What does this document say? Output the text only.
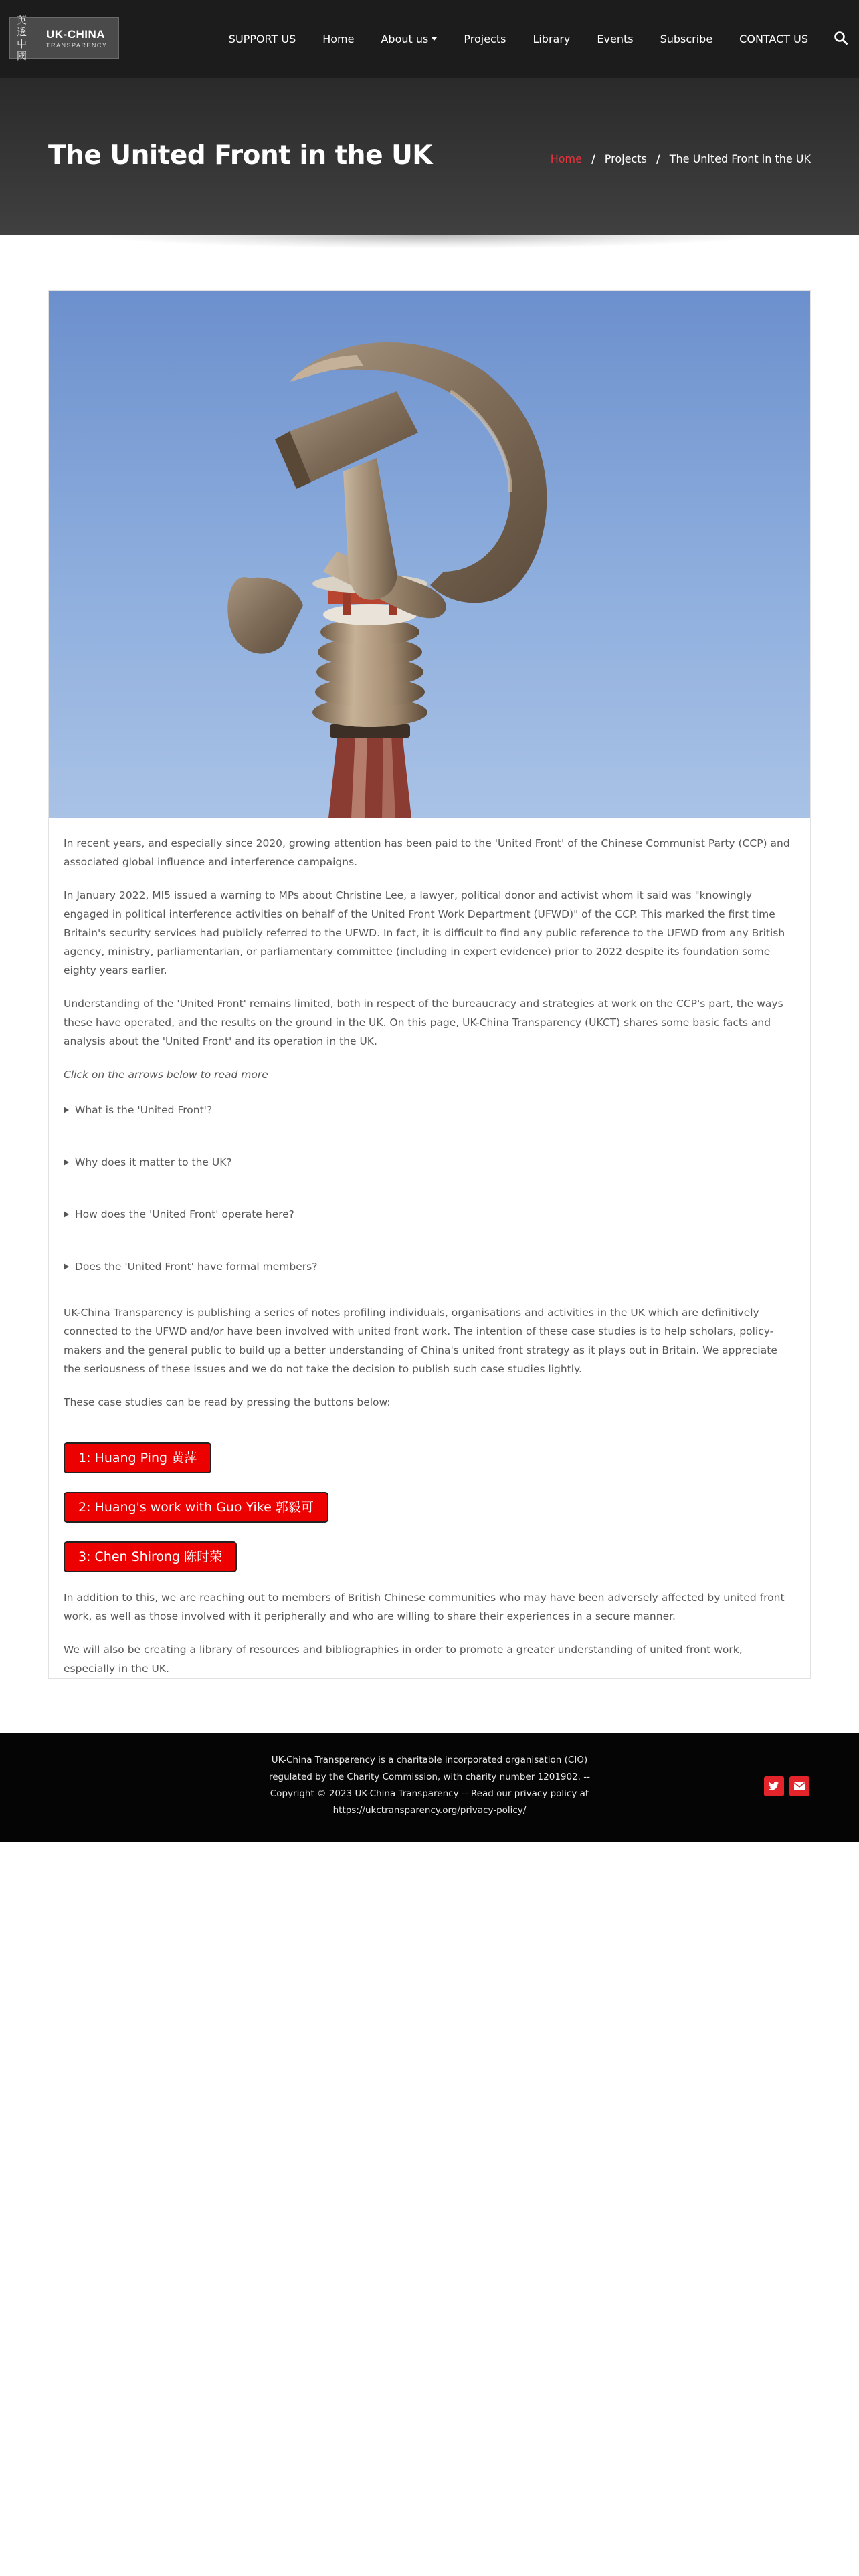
英 透
中 國
UK-CHINA
TRANSPARENCY	SUPPORT US	Home	About us	Projects	Library	Events	Subscribe	CONTACT US
The United Front in the UK	Home / Projects / The United Front in the UK

In recent years, and especially since 2020, growing attention has been paid to the 'United Front' of the Chinese Communist Party (CCP) and associated global influence and interference campaigns.

In January 2022, MI5 issued a warning to MPs about Christine Lee, a lawyer, political donor and activist whom it said was "knowingly engaged in political interference activities on behalf of the United Front Work Department (UFWD)" of the CCP. This marked the first time Britain's security services had publicly referred to the UFWD. In fact, it is difficult to find any public reference to the UFWD from any British agency, ministry, parliamentarian, or parliamentary committee (including in expert evidence) prior to 2022 despite its foundation some eighty years earlier.

Understanding of the 'United Front' remains limited, both in respect of the bureaucracy and strategies at work on the CCP's part, the ways these have operated, and the results on the ground in the UK. On this page, UK-China Transparency (UKCT) shares some basic facts and analysis about the 'United Front' and its operation in the UK.

Click on the arrows below to read more

What is the 'United Front'?
Why does it matter to the UK?
How does the 'United Front' operate here?
Does the 'United Front' have formal members?

UK-China Transparency is publishing a series of notes profiling individuals, organisations and activities in the UK which are definitively connected to the UFWD and/or have been involved with united front work. The intention of these case studies is to help scholars, policy-makers and the general public to build up a better understanding of China's united front strategy as it plays out in Britain. We appreciate the seriousness of these issues and we do not take the decision to publish such case studies lightly.

These case studies can be read by pressing the buttons below:

1: Huang Ping 黄萍
2: Huang's work with Guo Yike 郭毅可
3: Chen Shirong 陈时荣

In addition to this, we are reaching out to members of British Chinese communities who may have been adversely affected by united front work, as well as those involved with it peripherally and who are willing to share their experiences in a secure manner.

We will also be creating a library of resources and bibliographies in order to promote a greater understanding of united front work, especially in the UK.

UK-China Transparency is a charitable incorporated organisation (CIO) regulated by the Charity Commission, with charity number 1201902. -- Copyright © 2023 UK-China Transparency -- Read our privacy policy at https://ukctransparency.org/privacy-policy/
